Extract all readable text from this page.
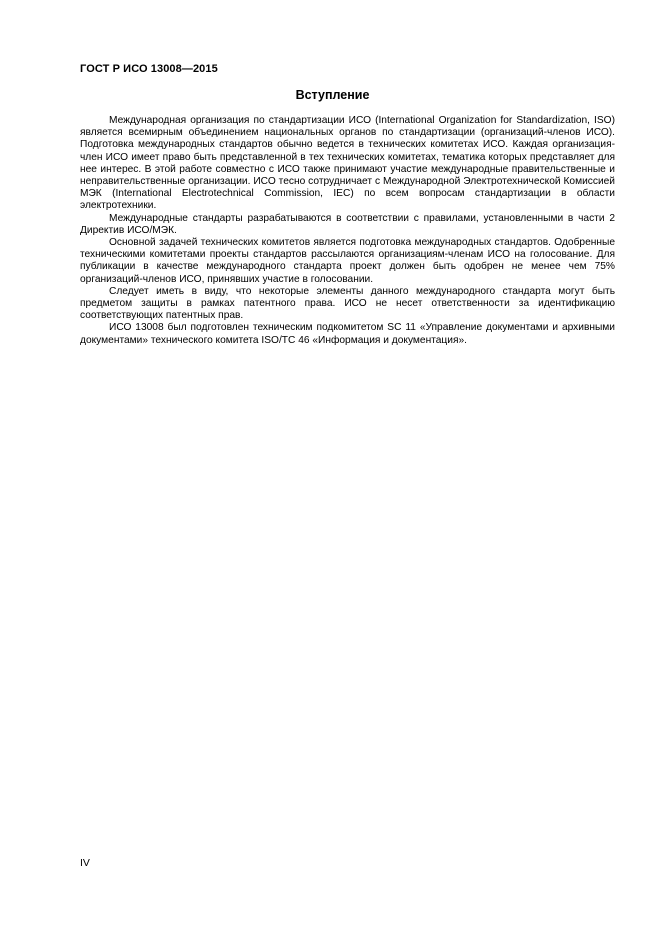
ГОСТ Р ИСО 13008—2015
Вступление

Международная организация по стандартизации ИСО (International Organization for Standardization, ISO) является всемирным объединением национальных органов по стандартизации (организаций-членов ИСО). Подготовка международных стандартов обычно ведется в технических комитетах ИСО. Каждая организация-член ИСО имеет право быть представленной в тех технических комитетах, тематика которых представляет для нее интерес. В этой работе совместно с ИСО также принимают участие международные правительственные и неправительственные организации. ИСО тесно сотрудничает с Международной Электротехнической Комиссией МЭК (International Electrotechnical Commission, IEC) по всем вопросам стандартизации в области электротехники.

Международные стандарты разрабатываются в соответствии с правилами, установленными в части 2 Директив ИСО/МЭК.

Основной задачей технических комитетов является подготовка международных стандартов. Одобренные техническими комитетами проекты стандартов рассылаются организациям-членам ИСО на голосование. Для публикации в качестве международного стандарта проект должен быть одобрен не менее чем 75% организаций-членов ИСО, принявших участие в голосовании.

Следует иметь в виду, что некоторые элементы данного международного стандарта могут быть предметом защиты в рамках патентного права. ИСО не несет ответственности за идентификацию соответствующих патентных прав.

ИСО 13008 был подготовлен техническим подкомитетом SC 11 «Управление документами и архивными документами» технического комитета ISO/TC 46 «Информация и документация».

IV
